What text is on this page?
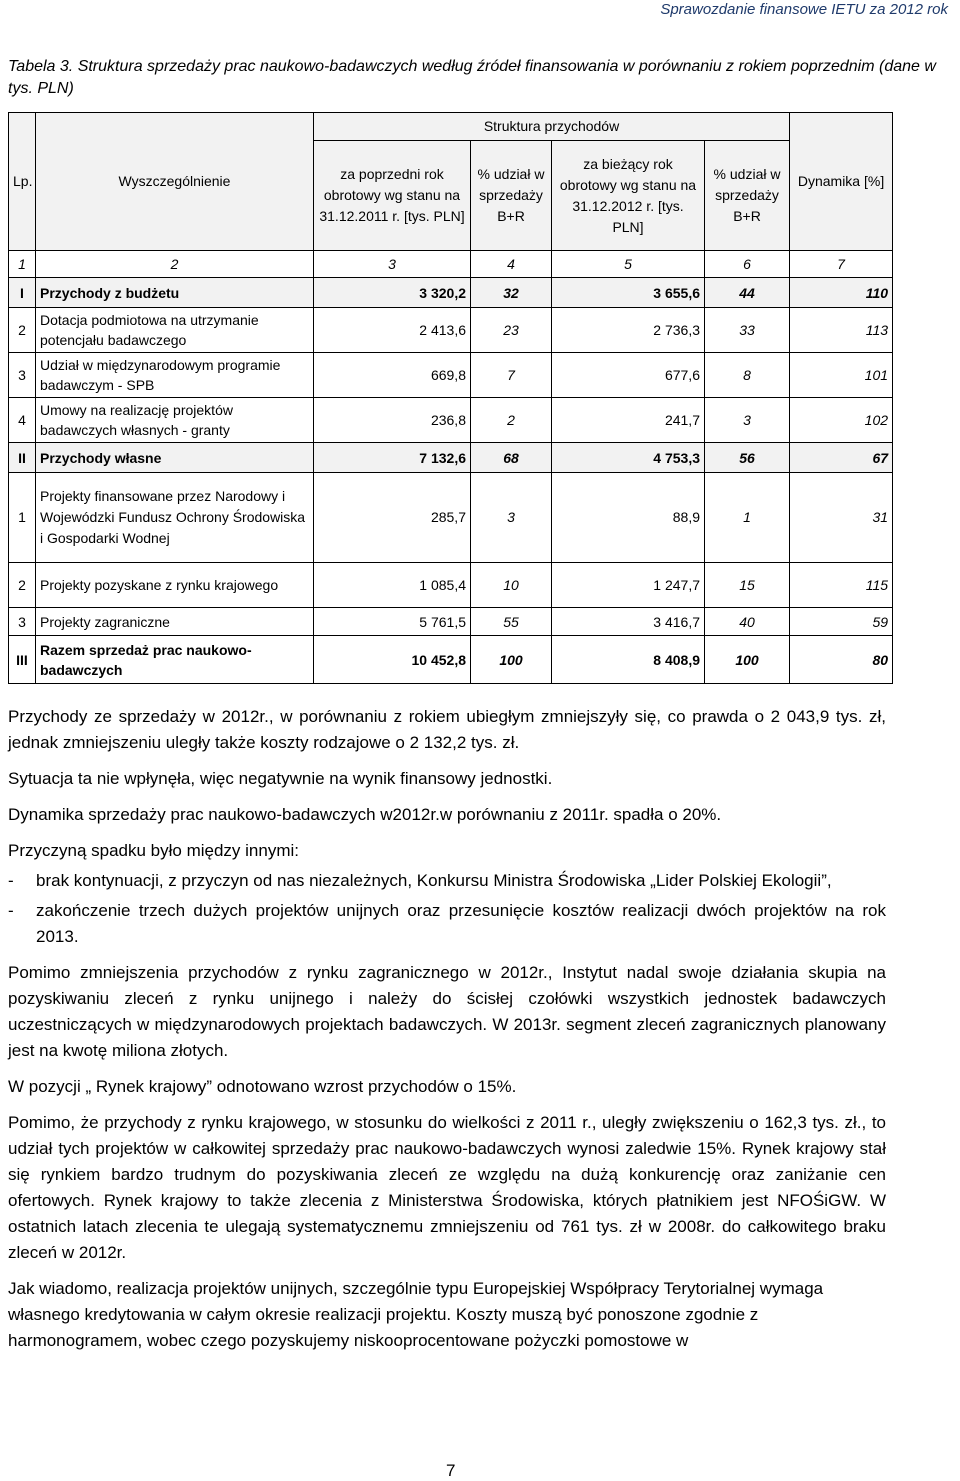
Sprawozdanie finansowe IETU za 2012 rok
Tabela 3. Struktura sprzedaży prac naukowo-badawczych według źródeł finansowania w porównaniu z rokiem poprzednim (dane w tys. PLN)
Lp.	Wyszczególnienie	Struktura przychodów				Dynamika [%]
		za poprzedni rok obrotowy wg stanu na 31.12.2011 r. [tys. PLN]	% udział w sprzedaży B+R	za bieżący rok obrotowy wg stanu na 31.12.2012 r. [tys. PLN]	% udział w sprzedaży B+R	
1	2	3	4	5	6	7
I	Przychody z budżetu	3 320,2	32	3 655,6	44	110
2	Dotacja podmiotowa na utrzymanie potencjału badawczego	2 413,6	23	2 736,3	33	113
3	Udział w międzynarodowym programie badawczym - SPB	669,8	7	677,6	8	101
4	Umowy na realizację projektów badawczych własnych - granty	236,8	2	241,7	3	102
II	Przychody własne	7 132,6	68	4 753,3	56	67
1	Projekty finansowane przez Narodowy i Wojewódzki Fundusz Ochrony Środowiska i Gospodarki Wodnej	285,7	3	88,9	1	31
2	Projekty pozyskane z rynku krajowego	1 085,4	10	1 247,7	15	115
3	Projekty zagraniczne	5 761,5	55	3 416,7	40	59
III	Razem sprzedaż prac naukowo-badawczych	10 452,8	100	8 408,9	100	80

Przychody ze sprzedaży w 2012r., w porównaniu z rokiem ubiegłym zmniejszyły się, co prawda o 2 043,9 tys. zł, jednak zmniejszeniu uległy także koszty rodzajowe o 2 132,2 tys. zł.

Sytuacja ta nie wpłynęła, więc negatywnie na wynik finansowy jednostki.

Dynamika sprzedaży prac naukowo-badawczych w2012r.w porównaniu z 2011r. spadła o 20%.

Przyczyną spadku było między innymi:

-	brak kontynuacji, z przyczyn od nas niezależnych, Konkursu Ministra Środowiska „Lider Polskiej Ekologii”,
-	zakończenie trzech dużych projektów unijnych oraz przesunięcie kosztów realizacji dwóch projektów na rok 2013.

Pomimo zmniejszenia przychodów z rynku zagranicznego w 2012r., Instytut nadal swoje działania skupia na pozyskiwaniu zleceń z rynku unijnego i należy do ścisłej czołówki wszystkich jednostek badawczych uczestniczących w międzynarodowych projektach badawczych. W 2013r. segment zleceń zagranicznych planowany jest na kwotę miliona złotych.

W pozycji „ Rynek krajowy” odnotowano wzrost przychodów o 15%.

Pomimo, że przychody z rynku krajowego, w stosunku do wielkości z 2011 r., uległy zwiększeniu o 162,3 tys. zł., to udział tych projektów w całkowitej sprzedaży prac naukowo-badawczych wynosi zaledwie 15%. Rynek krajowy stał się rynkiem bardzo trudnym do pozyskiwania zleceń ze względu na dużą konkurencję oraz zaniżanie cen ofertowych. Rynek krajowy to także zlecenia z Ministerstwa Środowiska, których płatnikiem jest NFOŚiGW. W ostatnich latach zlecenia te ulegają systematycznemu zmniejszeniu od 761 tys. zł w 2008r. do całkowitego braku zleceń w 2012r.

Jak wiadomo, realizacja projektów unijnych, szczególnie typu Europejskiej Współpracy Terytorialnej wymaga własnego kredytowania w całym okresie realizacji projektu. Koszty muszą być ponoszone zgodnie z harmonogramem, wobec czego pozyskujemy niskooprocentowane pożyczki pomostowe w

7
